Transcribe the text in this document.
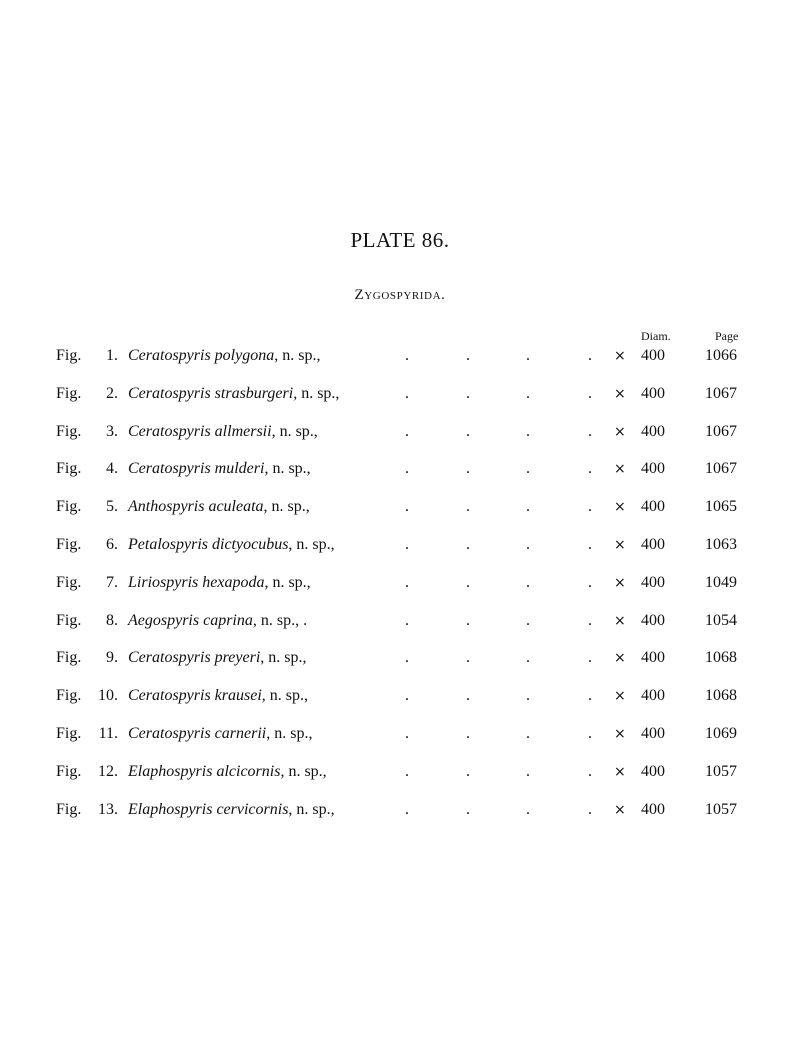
PLATE 86.
Zygospyrida.
Diam.	Page
Fig.	1. Ceratospyris polygona, n. sp.,	.	.	.	. × 400	1066
Fig.	2. Ceratospyris strasburgeri, n. sp.,	.	.	.	. × 400	1067
Fig.	3. Ceratospyris allmersii, n. sp.,	.	.	.	. × 400	1067
Fig.	4. Ceratospyris mulderi, n. sp.,	.	.	.	. × 400	1067
Fig.	5. Anthospyris aculeata, n. sp.,	.	.	.	. × 400	1065
Fig.	6. Petalospyris dictyocubus, n. sp.,	.	.	.	. × 400	1063
Fig.	7. Liriospyris hexapoda, n. sp.,	.	.	.	. × 400	1049
Fig.	8. Aegospyris caprina, n. sp., .	.	.	.	. × 400	1054
Fig.	9. Ceratospyris preyeri, n. sp.,	.	.	.	. × 400	1068
Fig.	10. Ceratospyris krausei, n. sp.,	.	.	.	. × 400	1068
Fig.	11. Ceratospyris carnerii, n. sp.,	.	.	.	. × 400	1069
Fig.	12. Elaphospyris alcicornis, n. sp.,	.	.	.	. × 400	1057
Fig.	13. Elaphospyris cervicornis, n. sp.,	.	.	.	. × 400	1057
